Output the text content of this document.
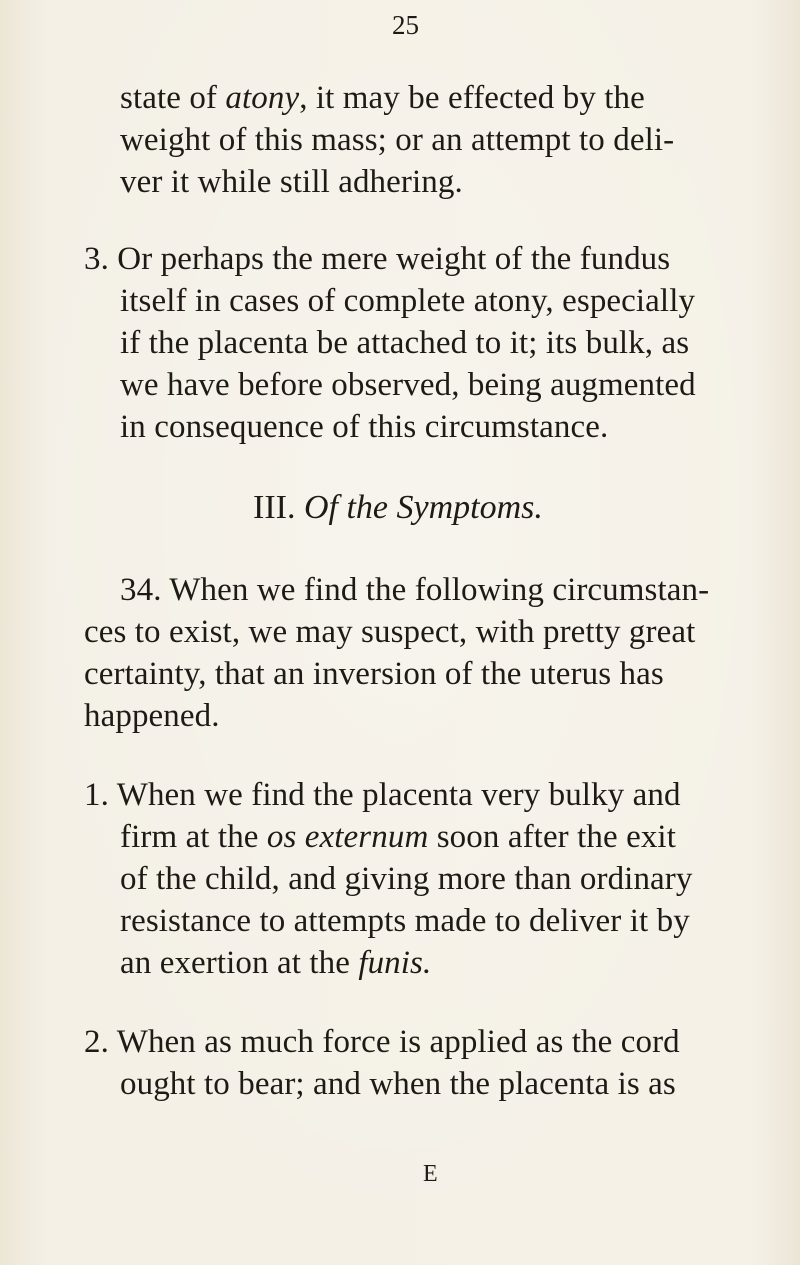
25
state of atony, it may be effected by the
weight of this mass; or an attempt to deli-
ver it while still adhering.
3. Or perhaps the mere weight of the fundus
itself in cases of complete atony, especially
if the placenta be attached to it; its bulk, as
we have before observed, being augmented
in consequence of this circumstance.
III. Of the Symptoms.
34. When we find the following circumstan-
ces to exist, we may suspect, with pretty great
certainty, that an inversion of the uterus has
happened.
1. When we find the placenta very bulky and
firm at the os externum soon after the exit
of the child, and giving more than ordinary
resistance to attempts made to deliver it by
an exertion at the funis.
2. When as much force is applied as the cord
ought to bear; and when the placenta is as
E
